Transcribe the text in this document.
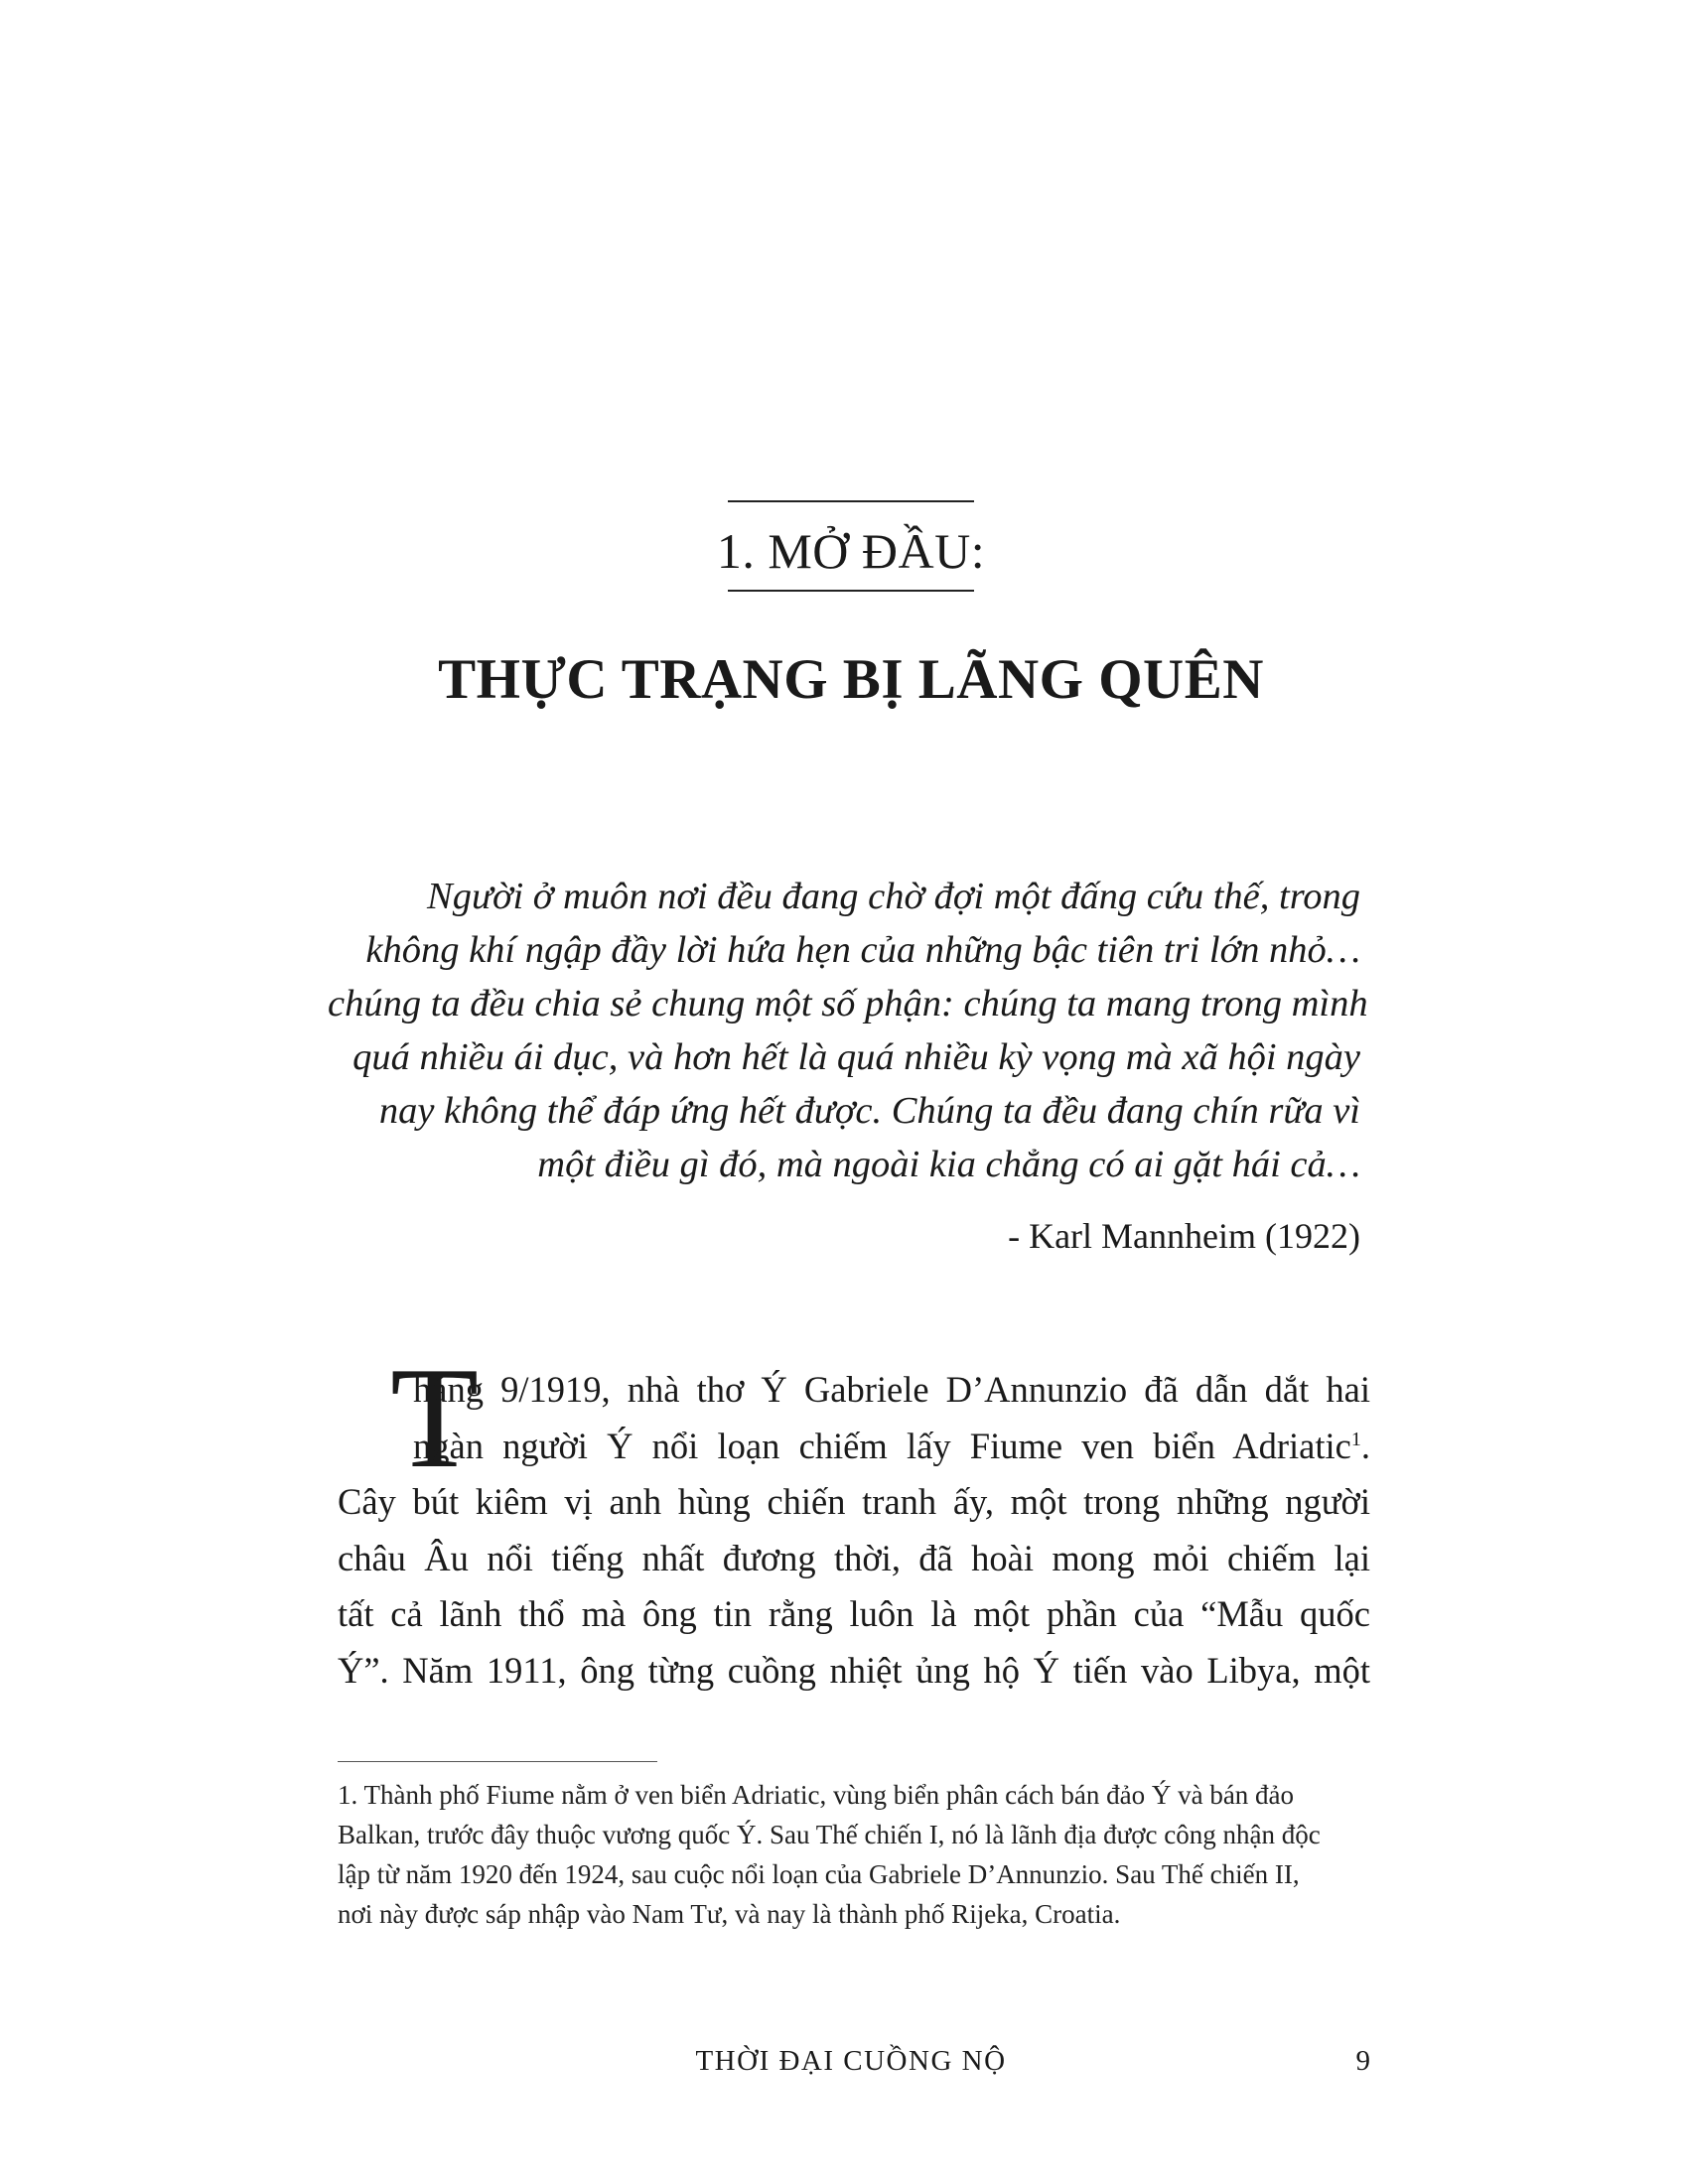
1. MỞ ĐẦU:
THỰC TRẠNG BỊ LÃNG QUÊN
Người ở muôn nơi đều đang chờ đợi một đấng cứu thế, trong
không khí ngập đầy lời hứa hẹn của những bậc tiên tri lớn nhỏ…
chúng ta đều chia sẻ chung một số phận: chúng ta mang trong mình
quá nhiều ái dục, và hơn hết là quá nhiều kỳ vọng mà xã hội ngày
nay không thể đáp ứng hết được. Chúng ta đều đang chín rữa vì
một điều gì đó, mà ngoài kia chẳng có ai gặt hái cả…
- Karl Mannheim (1922)
T
háng 9/1919, nhà thơ Ý Gabriele D’Annunzio đã dẫn dắt hai
ngàn người Ý nổi loạn chiếm lấy Fiume ven biển Adriatic$^1$.
Cây bút kiêm vị anh hùng chiến tranh ấy, một trong những người
châu Âu nổi tiếng nhất đương thời, đã hoài mong mỏi chiếm lại
tất cả lãnh thổ mà ông tin rằng luôn là một phần của “Mẫu quốc
Ý”. Năm 1911, ông từng cuồng nhiệt ủng hộ Ý tiến vào Libya, một
1. Thành phố Fiume nằm ở ven biển Adriatic, vùng biển phân cách bán đảo Ý và bán đảo
Balkan, trước đây thuộc vương quốc Ý. Sau Thế chiến I, nó là lãnh địa được công nhận độc
lập từ năm 1920 đến 1924, sau cuộc nổi loạn của Gabriele D’Annunzio. Sau Thế chiến II,
nơi này được sáp nhập vào Nam Tư, và nay là thành phố Rijeka, Croatia.
THỜI ĐẠI CUỒNG NỘ	9
